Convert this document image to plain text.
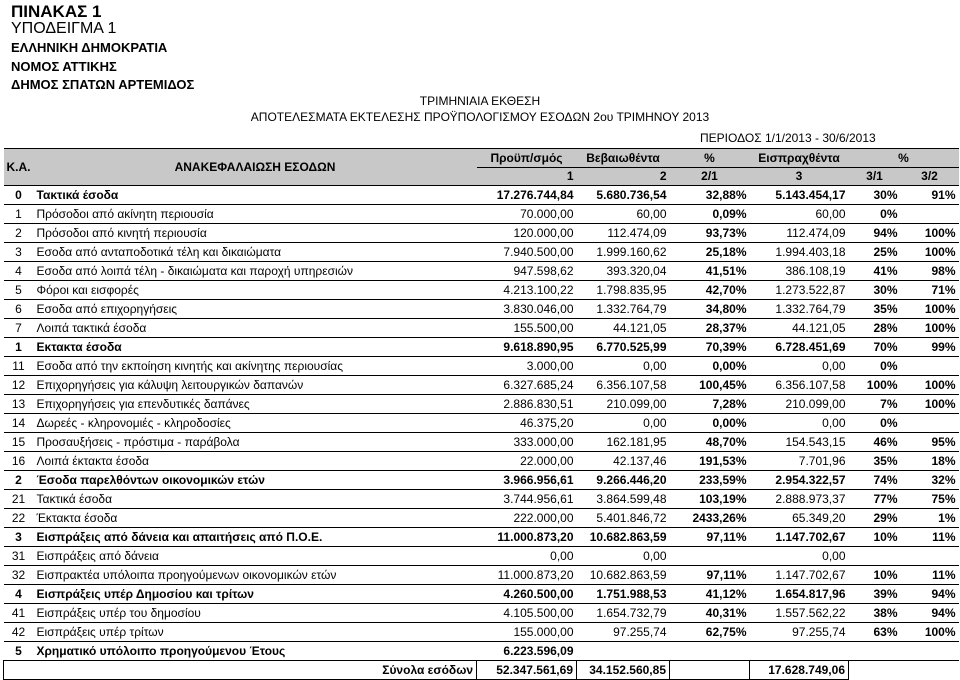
ΠΙΝΑΚΑΣ 1
ΥΠΟΔΕΙΓΜΑ 1
ΕΛΛΗΝΙΚΗ ΔΗΜΟΚΡΑΤΙΑ
ΝΟΜΟΣ ΑΤΤΙΚΗΣ
ΔΗΜΟΣ ΣΠΑΤΩΝ ΑΡΤΕΜΙΔΟΣ
ΤΡΙΜΗΝΙΑΙΑ ΕΚΘΕΣΗ
ΑΠΟΤΕΛΕΣΜΑΤΑ ΕΚΤΕΛΕΣΗΣ ΠΡΟΫΠΟΛΟΓΙΣΜΟΥ ΕΣΟΔΩΝ 2ου ΤΡΙΜΗΝΟΥ 2013
ΠΕΡΙΟΔΟΣ 1/1/2013 - 30/6/2013
Κ.Α.	ΑΝΑΚΕΦΑΛΑΙΩΣΗ ΕΣΟΔΩΝ	Προϋπ/σμός	Βεβαιωθέντα	%	Εισπραχθέντα	%	
		1	2	2/1	3	3/1	3/2
0	Τακτικά έσοδα	17.276.744,84	5.680.736,54	32,88%	5.143.454,17	30%	91%
1	Πρόσοδοι από ακίνητη περιουσία	70.000,00	60,00	0,09%	60,00	0%	
2	Πρόσοδοι από κινητή περιουσία	120.000,00	112.474,09	93,73%	112.474,09	94%	100%
3	Εσοδα από ανταποδοτικά τέλη και δικαιώματα	7.940.500,00	1.999.160,62	25,18%	1.994.403,18	25%	100%
4	Εσοδα από λοιπά τέλη - δικαιώματα και παροχή υπηρεσιών	947.598,62	393.320,04	41,51%	386.108,19	41%	98%
5	Φόροι και εισφορές	4.213.100,22	1.798.835,95	42,70%	1.273.522,87	30%	71%
6	Εσοδα από επιχορηγήσεις	3.830.046,00	1.332.764,79	34,80%	1.332.764,79	35%	100%
7	Λοιπά τακτικά έσοδα	155.500,00	44.121,05	28,37%	44.121,05	28%	100%
1	Εκτακτα έσοδα	9.618.890,95	6.770.525,99	70,39%	6.728.451,69	70%	99%
11	Εσοδα από την εκποίηση κινητής και ακίνητης περιουσίας	3.000,00	0,00	0,00%	0,00	0%	
12	Επιχορηγήσεις για κάλυψη λειτουργικών δαπανών	6.327.685,24	6.356.107,58	100,45%	6.356.107,58	100%	100%
13	Επιχορηγήσεις για επενδυτικές δαπάνες	2.886.830,51	210.099,00	7,28%	210.099,00	7%	100%
14	Δωρεές - κληρονομιές - κληροδοσίες	46.375,20	0,00	0,00%	0,00	0%	
15	Προσαυξήσεις - πρόστιμα - παράβολα	333.000,00	162.181,95	48,70%	154.543,15	46%	95%
16	Λοιπά έκτακτα έσοδα	22.000,00	42.137,46	191,53%	7.701,96	35%	18%
2	Έσοδα παρελθόντων οικονομικών ετών	3.966.956,61	9.266.446,20	233,59%	2.954.322,57	74%	32%
21	Τακτικά έσοδα	3.744.956,61	3.864.599,48	103,19%	2.888.973,37	77%	75%
22	Έκτακτα έσοδα	222.000,00	5.401.846,72	2433,26%	65.349,20	29%	1%
3	Εισπράξεις από δάνεια και απαιτήσεις από Π.Ο.Ε.	11.000.873,20	10.682.863,59	97,11%	1.147.702,67	10%	11%
31	Εισπράξεις από δάνεια	0,00	0,00		0,00		
32	Εισπρακτέα υπόλοιπα προηγούμενων οικονομικών ετών	11.000.873,20	10.682.863,59	97,11%	1.147.702,67	10%	11%
4	Εισπράξεις υπέρ Δημοσίου και τρίτων	4.260.500,00	1.751.988,53	41,12%	1.654.817,96	39%	94%
41	Εισπράξεις υπέρ του δημοσίου	4.105.500,00	1.654.732,79	40,31%	1.557.562,22	38%	94%
42	Εισπράξεις υπέρ τρίτων	155.000,00	97.255,74	62,75%	97.255,74	63%	100%
5	Χρηματικό υπόλοιπο προηγούμενου Έτους	6.223.596,09					
Σύνολα εσόδων		52.347.561,69	34.152.560,85		17.628.749,06		
